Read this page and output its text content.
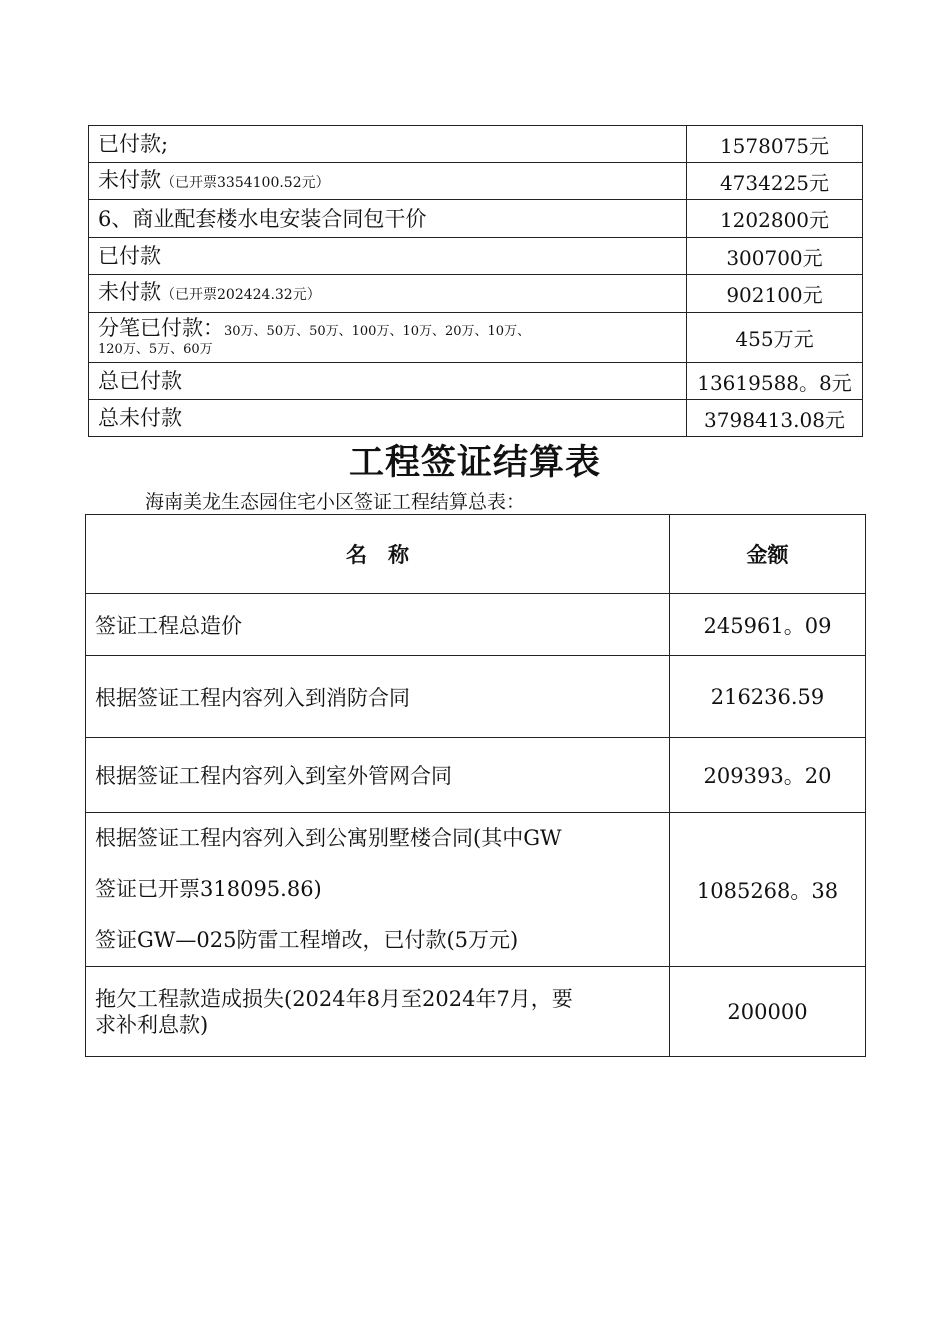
已付款;	1578075元
未付款（已开票3354100.52元）	4734225元
6、商业配套楼水电安装合同包干价	1202800元
已付款	300700元
未付款（已开票202424.32元）	902100元

分笔已付款：30万、50万、50万、100万、10万、20万、10万、
120万、5万、60万	455万元
总已付款	13619588。8元
总未付款	3798413.08元
工程签证结算表
海南美龙生态园住宅小区签证工程结算总表：
名　称	金额
签证工程总造价	245961。09
根据签证工程内容列入到消防合同	216236.59
根据签证工程内容列入到室外管网合同	209393。20

根据签证工程内容列入到公寓别墅楼合同(其中GW

签证已开票318095.86)

签证GW—025防雷工程增改，已付款(5万元)	1085268。38

拖欠工程款造成损失(2024年8月至2024年7月，要
求补利息款)	200000
